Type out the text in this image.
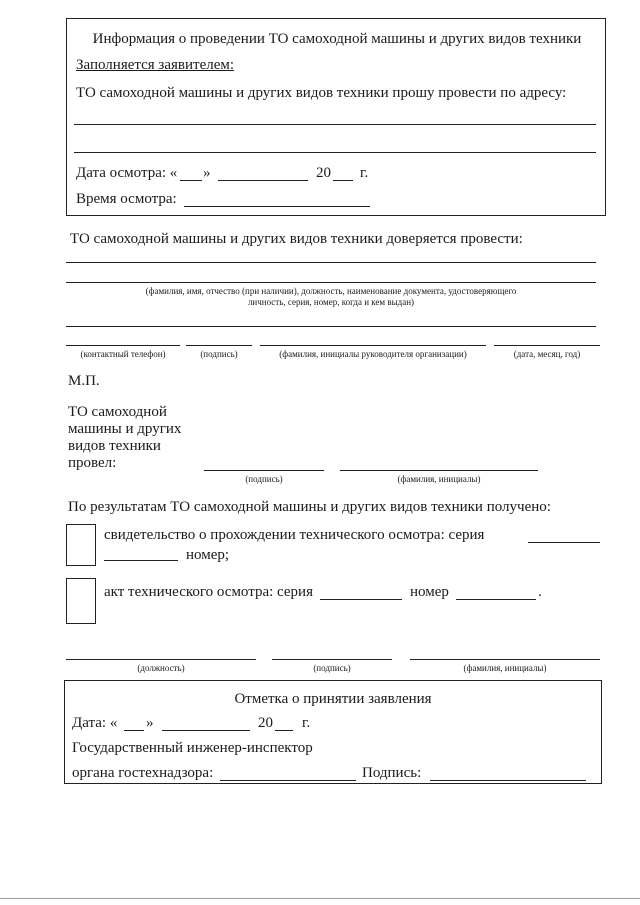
Информация о проведении ТО самоходной машины и других видов техники
Заполняется заявителем:
ТО самоходной машины и других видов техники прошу провести по адресу:
Дата осмотра: « »	20 г.
Время осмотра:
ТО самоходной машины и других видов техники доверяется провести:
(фамилия, имя, отчество (при наличии), должность, наименование документа, удостоверяющего
личность, серия, номер, когда и кем выдан)
(контактный телефон)	(подпись)	(фамилия, инициалы руководителя организации)	(дата, месяц, год)
М.П.
ТО самоходной
машины и других
видов техники
провел:
(подпись)	(фамилия, инициалы)
По результатам ТО самоходной машины и других видов техники получено:
свидетельство о прохождении технического осмотра: серия
номер;
акт технического осмотра: серия	номер	.
(должность)	(подпись)	(фамилия, инициалы)
Отметка о принятии заявления
Дата: « »	20 г.
Государственный инженер-инспектор
органа гостехнадзора:	Подпись:
